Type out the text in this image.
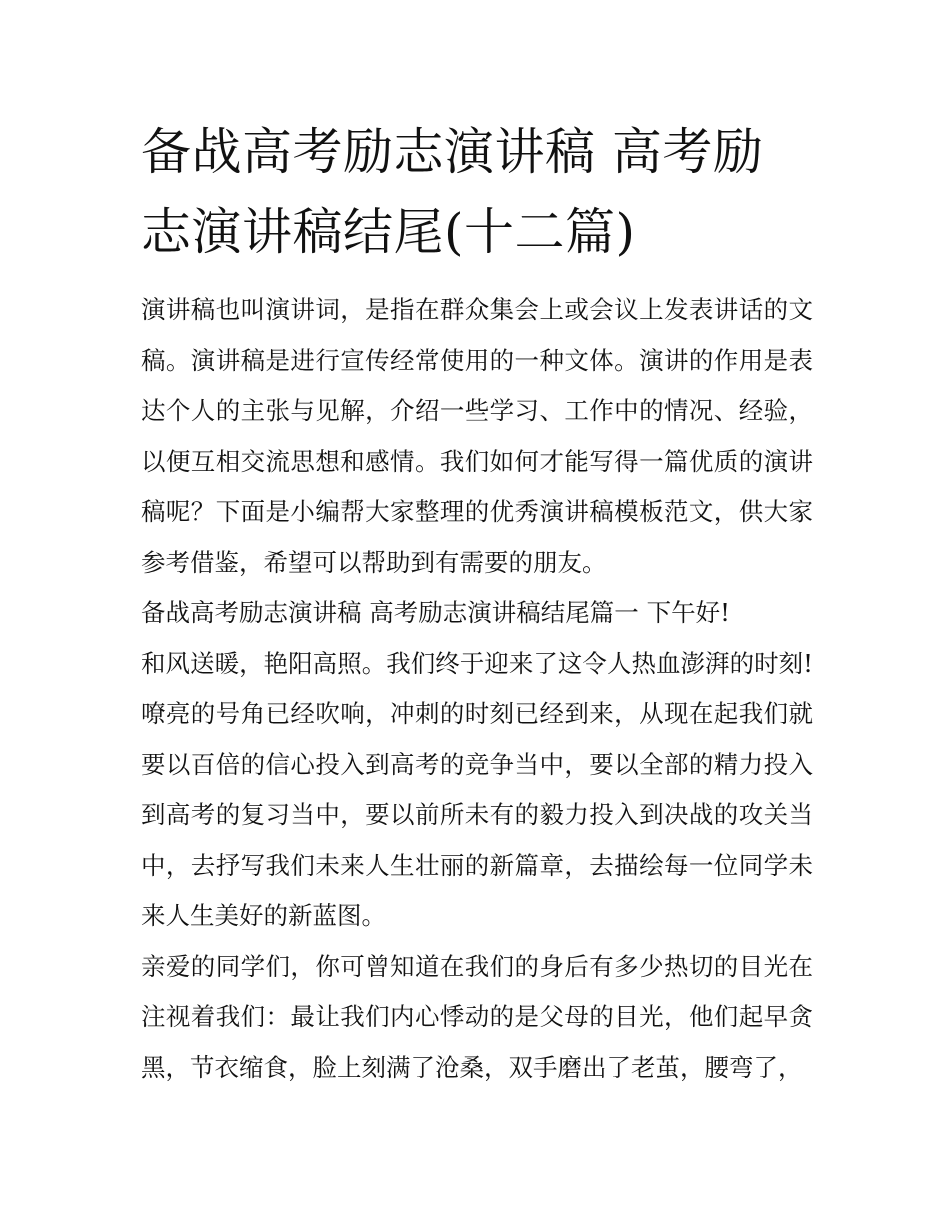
备战高考励志演讲稿 高考励志演讲稿结尾(十二篇)

演讲稿也叫演讲词，是指在群众集会上或会议上发表讲话的文稿。演讲稿是进行宣传经常使用的一种文体。演讲的作用是表达个人的主张与见解，介绍一些学习、工作中的情况、经验，以便互相交流思想和感情。我们如何才能写得一篇优质的演讲稿呢？下面是小编帮大家整理的优秀演讲稿模板范文，供大家参考借鉴，希望可以帮助到有需要的朋友。

备战高考励志演讲稿 高考励志演讲稿结尾篇一 下午好!

和风送暖，艳阳高照。我们终于迎来了这令人热血澎湃的时刻!嘹亮的号角已经吹响，冲刺的时刻已经到来，从现在起我们就要以百倍的信心投入到高考的竞争当中，要以全部的精力投入到高考的复习当中，要以前所未有的毅力投入到决战的攻关当中，去抒写我们未来人生壮丽的新篇章，去描绘每一位同学未来人生美好的新蓝图。

亲爱的同学们，你可曾知道在我们的身后有多少热切的目光在注视着我们：最让我们内心悸动的是父母的目光，他们起早贪黑，节衣缩食，脸上刻满了沧桑，双手磨出了老茧，腰弯了，
